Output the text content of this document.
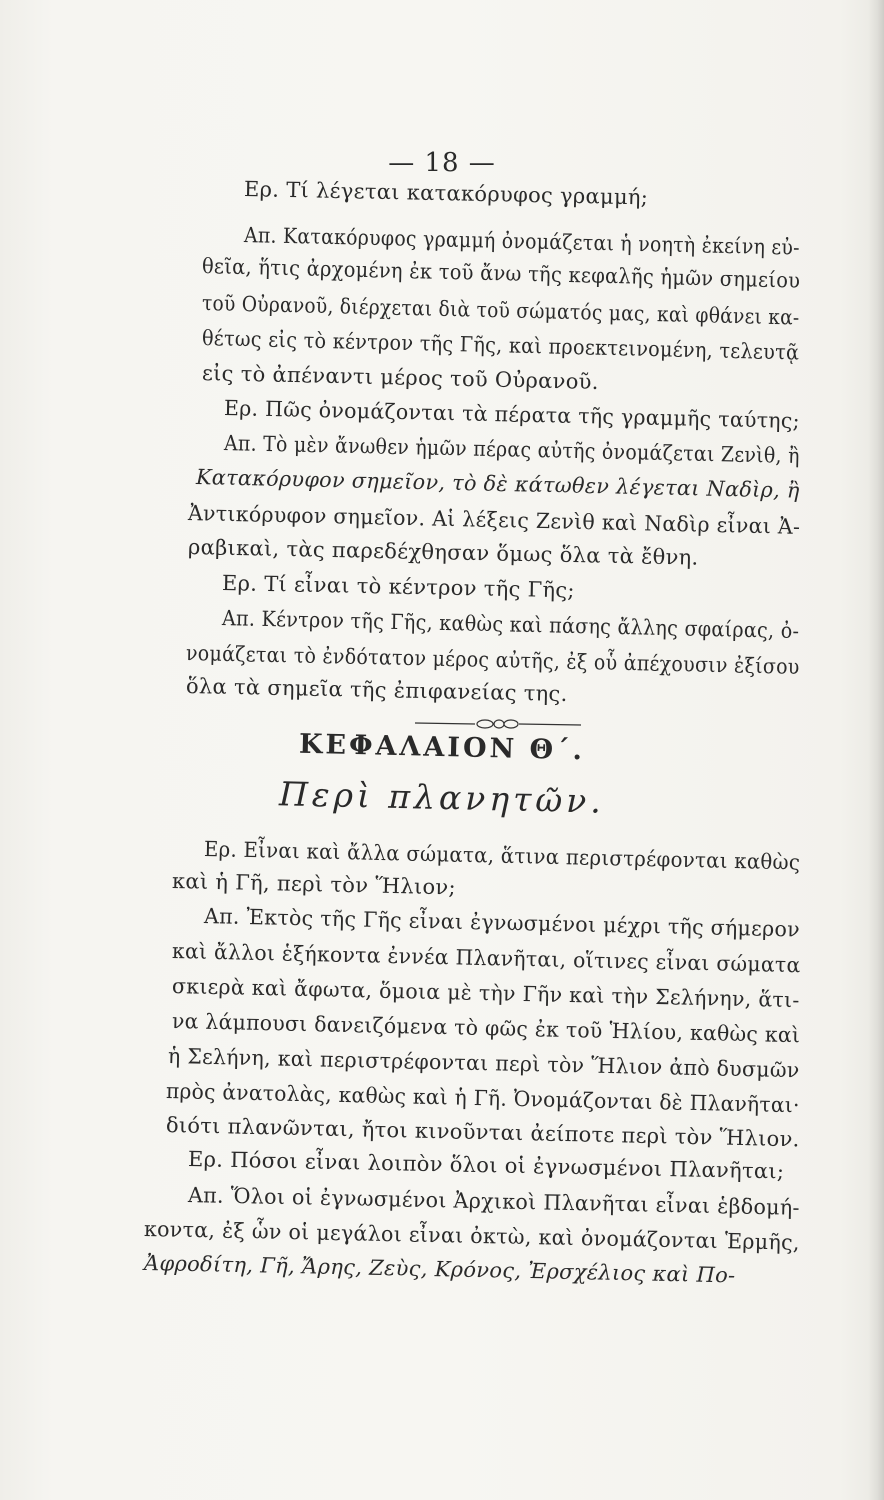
— 18 —
Ερ. Τί λέγεται κατακόρυφος γραμμή;
Απ. Κατακόρυφος γραμμή ὀνομάζεται ἡ νοητὴ ἐκείνη εὐ-
θεῖα, ἥτις ἀρχομένη ἐκ τοῦ ἄνω τῆς κεφαλῆς ἡμῶν σημείου
τοῦ Οὐρανοῦ, διέρχεται διὰ τοῦ σώματός μας, καὶ φθάνει κα-
θέτως εἰς τὸ κέντρον τῆς Γῆς, καὶ προεκτεινομένη, τελευτᾷ
εἰς τὸ ἀπέναντι μέρος τοῦ Οὐρανοῦ.
Ερ. Πῶς ὀνομάζονται τὰ πέρατα τῆς γραμμῆς ταύτης;
Απ. Τὸ μὲν ἄνωθεν ἡμῶν πέρας αὐτῆς ὀνομάζεται Ζενὶθ, ἢ
Κατακόρυφον σημεῖον, τὸ δὲ κάτωθεν λέγεται Ναδὶρ, ἢ
Ἀντικόρυφον σημεῖον. Αἱ λέξεις Ζενὶθ καὶ Ναδὶρ εἶναι Ἀ-
ραβικαὶ, τὰς παρεδέχθησαν ὅμως ὅλα τὰ ἔθνη.
Ερ. Τί εἶναι τὸ κέντρον τῆς Γῆς;
Απ. Κέντρον τῆς Γῆς, καθὼς καὶ πάσης ἄλλης σφαίρας, ὀ-
νομάζεται τὸ ἐνδότατον μέρος αὐτῆς, ἐξ οὗ ἀπέχουσιν ἐξίσου
ὅλα τὰ σημεῖα τῆς ἐπιφανείας της.
ΚΕΦΑΛΑΙΟΝ Θ΄.
Περὶ πλανητῶν.
Ερ. Εἶναι καὶ ἄλλα σώματα, ἅτινα περιστρέφονται καθὼς
καὶ ἡ Γῆ, περὶ τὸν Ἥλιον;
Απ. Ἐκτὸς τῆς Γῆς εἶναι ἐγνωσμένοι μέχρι τῆς σήμερον
καὶ ἄλλοι ἑξήκοντα ἐννέα Πλανῆται, οἵτινες εἶναι σώματα
σκιερὰ καὶ ἄφωτα, ὅμοια μὲ τὴν Γῆν καὶ τὴν Σελήνην, ἅτι-
να λάμπουσι δανειζόμενα τὸ φῶς ἐκ τοῦ Ἡλίου, καθὼς καὶ
ἡ Σελήνη, καὶ περιστρέφονται περὶ τὸν Ἥλιον ἀπὸ δυσμῶν
πρὸς ἀνατολὰς, καθὼς καὶ ἡ Γῆ. Ὀνομάζονται δὲ Πλανῆται·
διότι πλανῶνται, ἤτοι κινοῦνται ἀείποτε περὶ τὸν Ἥλιον.
Ερ. Πόσοι εἶναι λοιπὸν ὅλοι οἱ ἐγνωσμένοι Πλανῆται;
Απ. Ὅλοι οἱ ἐγνωσμένοι Ἀρχικοὶ Πλανῆται εἶναι ἑβδομή-
κοντα, ἐξ ὧν οἱ μεγάλοι εἶναι ὀκτὼ, καὶ ὀνομάζονται Ἑρμῆς,
Ἀφροδίτη, Γῆ, Ἄρης, Ζεὺς, Κρόνος, Ἐρσχέλιος καὶ Πο-
